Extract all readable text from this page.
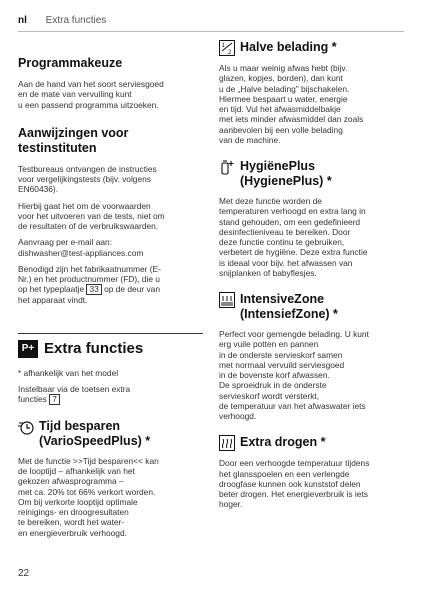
nl Extra functies
Programmakeuze

Aan de hand van het soort serviesgoed
en de mate van vervuiling kunt
u een passend programma uitzoeken.

Aanwijzingen voor
testinstituten

Testbureaus ontvangen de instructies
voor vergelijkingstests (bijv. volgens
EN60436).

Hierbij gaat het om de voorwaarden
voor het uitvoeren van de tests, niet om
de resultaten of de verbruikswaarden.

Aanvraag per e-mail aan:
dishwasher@test-appliances.com

Benodigd zijn het fabrikaatnummer (E-
Nr.) en het productnummer (FD), die u
op het typeplaatje 33 op de deur van
het apparaat vindt.

P+ Extra functies

* afhankelijk van het model

Instelbaar via de toetsen extra
functies 7

Tijd besparen
(VarioSpeedPlus) *

Met de functie >>Tijd besparen<< kan
de looptijd – afhankelijk van het
gekozen afwasprogramma –
met ca. 20% tot 66% verkort worden.
Om bij verkorte looptijd optimale
reinigings- en droogresultaten
te bereiken, wordt het water-
en energieverbruik verhoogd.

1
2 Halve belading *

Als u maar weinig afwas hebt (bijv.
glazen, kopjes, borden), dan kunt
u de „Halve belading” bijschakelen.
Hiermee bespaart u water, energie
en tijd. Vul het afwasmiddelbakje
met iets minder afwasmiddel dan zoals
aanbevolen bij een volle belading
van de machine.

HygiënePlus
(HygienePlus) *

Met deze functie worden de
temperaturen verhoogd en extra lang in
stand gehouden, om een gedefinieerd
desinfectieniveau te bereiken. Door
deze functie continu te gebruiken,
verbetert de hygiëne. Deze extra functie
is ideaal voor bijv. het afwassen van
snijplanken of babyflesjes.

IntensiveZone
(IntensiefZone) *

Perfect voor gemengde belading. U kunt
erg vuile potten en pannen
in de onderste servieskorf samen
met normaal vervuild serviesgoed
in de bovenste korf afwassen.
De sproeidruk in de onderste
servieskorf wordt versterkt,
de temperatuur van het afwaswater iets
verhoogd.

Extra drogen *

Door een verhoogde temperatuur tijdens
het glansspoelen en een verlengde
droogfase kunnen ook kunststof delen
beter drogen. Het energieverbruik is iets
hoger.

22
